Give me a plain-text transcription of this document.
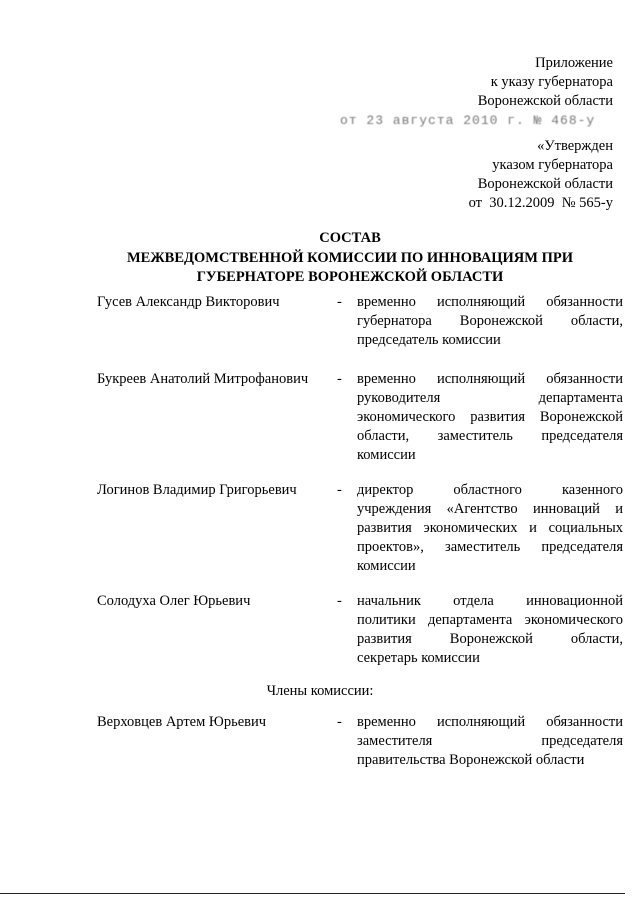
Приложение
к указу губернатора
Воронежской области
от 23 августа 2010 г. № 468-у
«Утвержден
указом губернатора
Воронежской области
от  30.12.2009  № 565-у
СОСТАВ
МЕЖВЕДОМСТВЕННОЙ КОМИССИИ ПО ИННОВАЦИЯМ ПРИ
ГУБЕРНАТОРЕ ВОРОНЕЖСКОЙ ОБЛАСТИ
Гусев Александр Викторович	- временно исполняющий обязанности
губернатора Воронежской области,
председатель комиссии
Букреев Анатолий Митрофанович - временно исполняющий обязанности
руководителя департамента
экономического развития Воронежской
области, заместитель председателя
комиссии
Логинов Владимир Григорьевич	- директор областного казенного
учреждения «Агентство инноваций и
развития экономических и социальных
проектов», заместитель председателя
комиссии
Солодуха Олег Юрьевич	- начальник отдела инновационной
политики департамента экономического
развития Воронежской области,
секретарь комиссии
Члены комиссии:
Верховцев Артем Юрьевич	- временно исполняющий обязанности
заместителя председателя
правительства Воронежской области
